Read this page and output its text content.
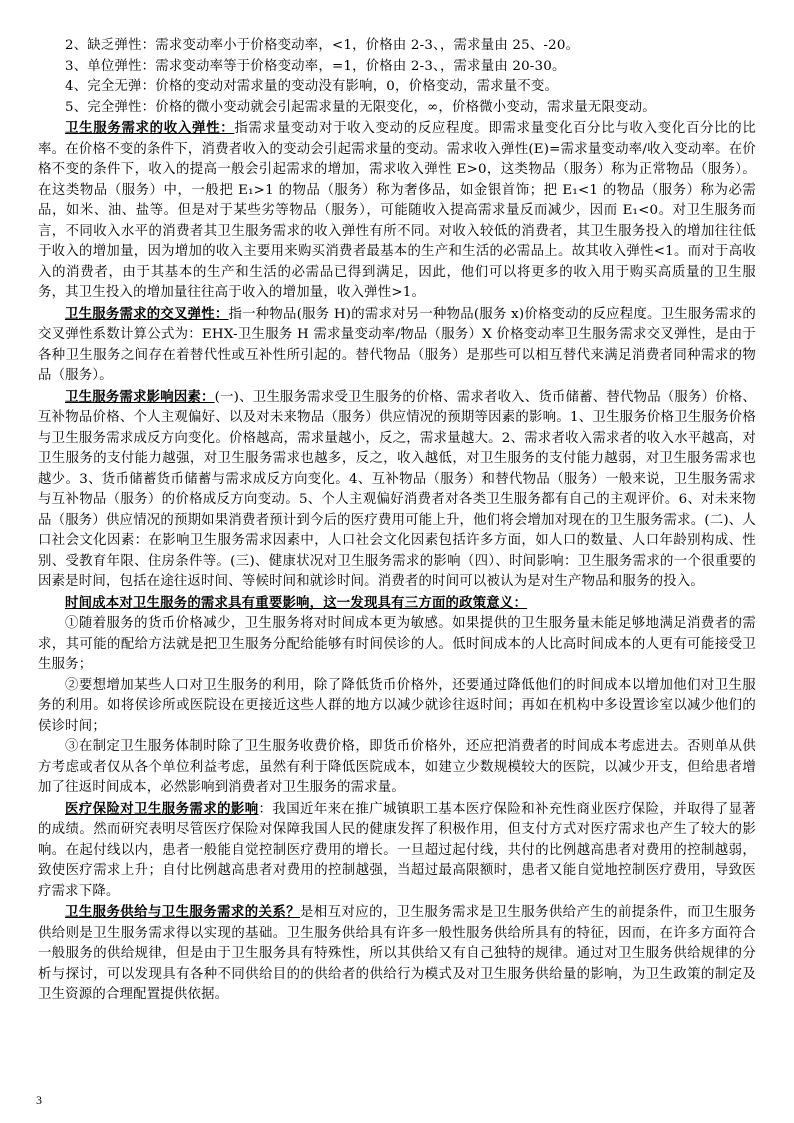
2、缺乏弹性：需求变动率小于价格变动率，<1，价格由 2-3、，需求量由 25、-20。

3、单位弹性：需求变动率等于价格变动率，=1，价格由 2-3、，需求量由 20-30。

4、完全无弹：价格的变动对需求量的变动没有影响，0，价格变动，需求量不变。

5、完全弹性：价格的微小变动就会引起需求量的无限变化，∞，价格微小变动，需求量无限变动。

卫生服务需求的收入弹性：指需求量变动对于收入变动的反应程度。即需求量变化百分比与收入变化百分比的比率。在价格不变的条件下，消费者收入的变动会引起需求量的变动。需求收入弹性(E)=需求量变动率/收入变动率。在价格不变的条件下，收入的提高一般会引起需求的增加，需求收入弹性 E>0，这类物品（服务）称为正常物品（服务）。在这类物品（服务）中，一般把 E₁>1 的物品（服务）称为奢侈品，如金银首饰；把 E₁<1 的物品（服务）称为必需品，如米、油、盐等。但是对于某些劣等物品（服务），可能随收入提高需求量反而减少，因而 E₁<0。对卫生服务而言，不同收入水平的消费者其卫生服务需求的收入弹性有所不同。对收入较低的消费者，其卫生服务投入的增加往往低于收入的增加量，因为增加的收入主要用来购买消费者最基本的生产和生活的必需品上。故其收入弹性<1。而对于高收入的消费者，由于其基本的生产和生活的必需品已得到满足，因此，他们可以将更多的收入用于购买高质量的卫生服务，其卫生投入的增加量往往高于收入的增加量，收入弹性>1。

卫生服务需求的交叉弹性：指一种物品(服务 H)的需求对另一种物品(服务 x)价格变动的反应程度。卫生服务需求的交叉弹性系数计算公式为：EHX-卫生服务 H 需求量变动率/物品（服务）X 价格变动率卫生服务需求交叉弹性，是由于各种卫生服务之间存在着替代性或互补性所引起的。替代物品（服务）是那些可以相互替代来满足消费者同种需求的物品（服务）。

卫生服务需求影响因素：(一)、卫生服务需求受卫生服务的价格、需求者收入、货币储蓄、替代物品（服务）价格、互补物品价格、个人主观偏好、以及对未来物品（服务）供应情况的预期等因素的影响。1、卫生服务价格卫生服务价格与卫生服务需求成反方向变化。价格越高，需求量越小，反之，需求量越大。2、需求者收入需求者的收入水平越高，对卫生服务的支付能力越强，对卫生服务需求也越多，反之，收入越低，对卫生服务的支付能力越弱，对卫生服务需求也越少。3、货币储蓄货币储蓄与需求成反方向变化。4、互补物品（服务）和替代物品（服务）一般来说，卫生服务需求与互补物品（服务）的价格成反方向变动。5、个人主观偏好消费者对各类卫生服务都有自己的主观评价。6、对未来物品（服务）供应情况的预期如果消费者预计到今后的医疗费用可能上升，他们将会增加对现在的卫生服务需求。(二)、人口社会文化因素：在影响卫生服务需求因素中，人口社会文化因素包括许多方面，如人口的数量、人口年龄别构成、性别、受教育年限、住房条件等。(三)、健康状况对卫生服务需求的影响（四）、时间影响：卫生服务需求的一个很重要的因素是时间，包括在途往返时间、等候时间和就诊时间。消费者的时间可以被认为是对生产物品和服务的投入。

时间成本对卫生服务的需求具有重要影响，这一发现具有三方面的政策意义：

①随着服务的货币价格减少，卫生服务将对时间成本更为敏感。如果提供的卫生服务量未能足够地满足消费者的需求，其可能的配给方法就是把卫生服务分配给能够有时间侯诊的人。低时间成本的人比高时间成本的人更有可能接受卫生服务；

②要想增加某些人口对卫生服务的利用，除了降低货币价格外，还要通过降低他们的时间成本以增加他们对卫生服务的利用。如将侯诊所或医院设在更接近这些人群的地方以减少就诊往返时间；再如在机构中多设置诊室以减少他们的侯诊时间；

③在制定卫生服务体制时除了卫生服务收费价格，即货币价格外，还应把消费者的时间成本考虑进去。否则单从供方考虑或者仅从各个单位利益考虑，虽然有利于降低医院成本，如建立少数规模较大的医院，以减少开支，但给患者增加了往返时间成本，必然影响到消费者对卫生服务的需求量。

医疗保险对卫生服务需求的影响：我国近年来在推广城镇职工基本医疗保险和补充性商业医疗保险，并取得了显著的成绩。然而研究表明尽管医疗保险对保障我国人民的健康发挥了积极作用，但支付方式对医疗需求也产生了较大的影响。在起付线以内，患者一般能自觉控制医疗费用的增长。一旦超过起付线，共付的比例越高患者对费用的控制越弱，致使医疗需求上升；自付比例越高患者对费用的控制越强，当超过最高限额时，患者又能自觉地控制医疗费用，导致医疗需求下降。

卫生服务供给与卫生服务需求的关系？是相互对应的，卫生服务需求是卫生服务供给产生的前提条件，而卫生服务供给则是卫生服务需求得以实现的基础。卫生服务供给具有许多一般性服务供给所具有的特征，因而，在许多方面符合一般服务的供给规律，但是由于卫生服务具有特殊性，所以其供给又有自己独特的规律。通过对卫生服务供给规律的分析与探讨，可以发现具有各种不同供给目的的供给者的供给行为模式及对卫生服务供给量的影响，为卫生政策的制定及卫生资源的合理配置提供依据。

3
